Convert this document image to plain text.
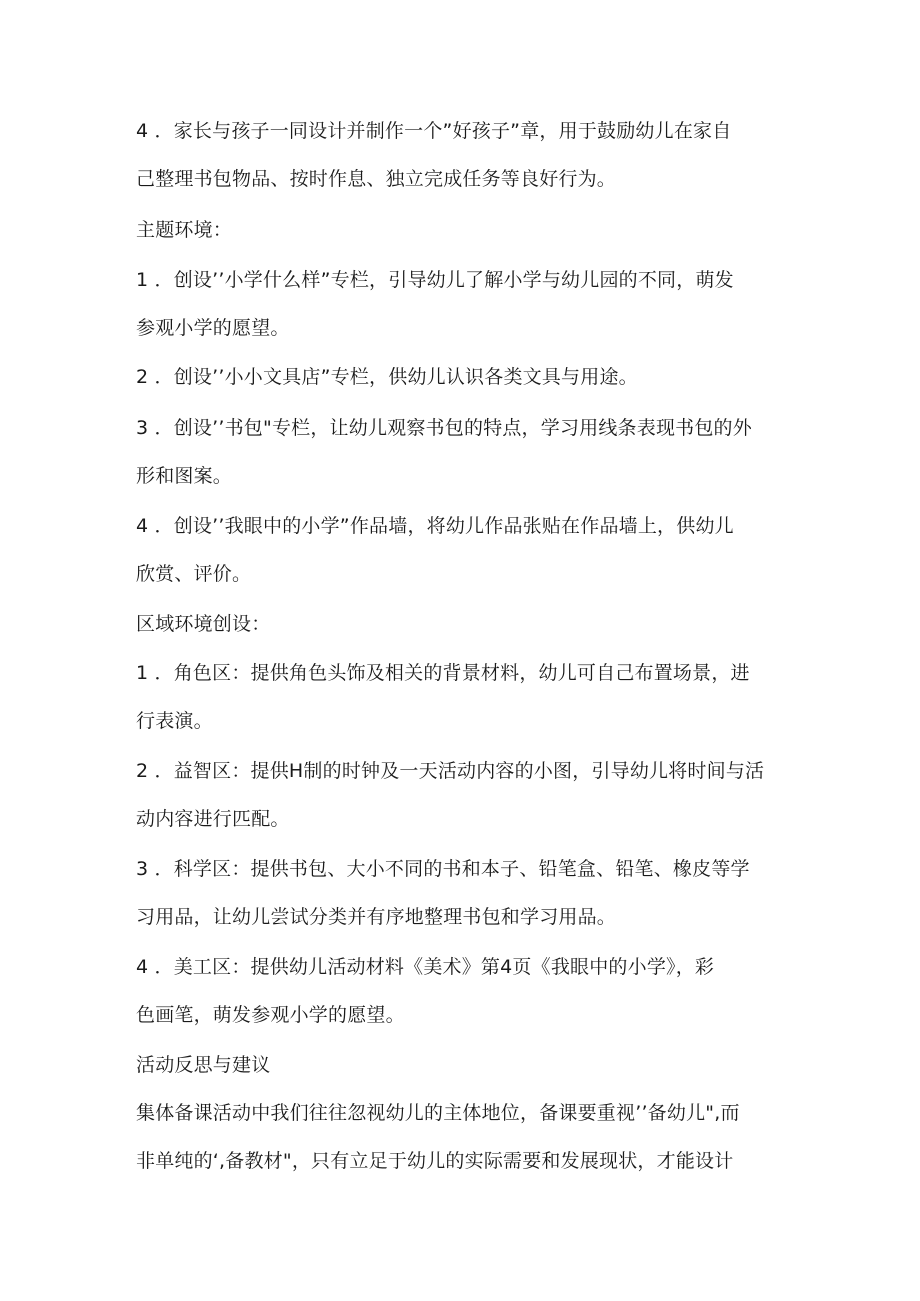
4 ．家长与孩子一同设计并制作一个”好孩子”章，用于鼓励幼儿在家自
己整理书包物品、按时作息、独立完成任务等良好行为。
主题环境：
1 ．创设’’小学什么样”专栏，引导幼儿了解小学与幼儿园的不同，萌发
参观小学的愿望。
2 ．创设’’小小文具店”专栏，供幼儿认识各类文具与用途。
3 ．创设’’书包"专栏，让幼儿观察书包的特点，学习用线条表现书包的外
形和图案。
4 ．创设’’我眼中的小学”作品墙，将幼儿作品张贴在作品墙上，供幼儿
欣赏、评价。
区域环境创设：
1 ．角色区：提供角色头饰及相关的背景材料，幼儿可自己布置场景，进
行表演。
2 ．益智区：提供H制的时钟及一天活动内容的小图，引导幼儿将时间与活
动内容进行匹配。
3 ．科学区：提供书包、大小不同的书和本子、铅笔盒、铅笔、橡皮等学
习用品，让幼儿尝试分类并有序地整理书包和学习用品。
4 ．美工区：提供幼儿活动材料《美术》第4页《我眼中的小学》，彩
色画笔，萌发参观小学的愿望。
活动反思与建议
集体备课活动中我们往往忽视幼儿的主体地位，备课要重视’’备幼儿",而
非单纯的‘,备教材"，只有立足于幼儿的实际需要和发展现状，才能设计
